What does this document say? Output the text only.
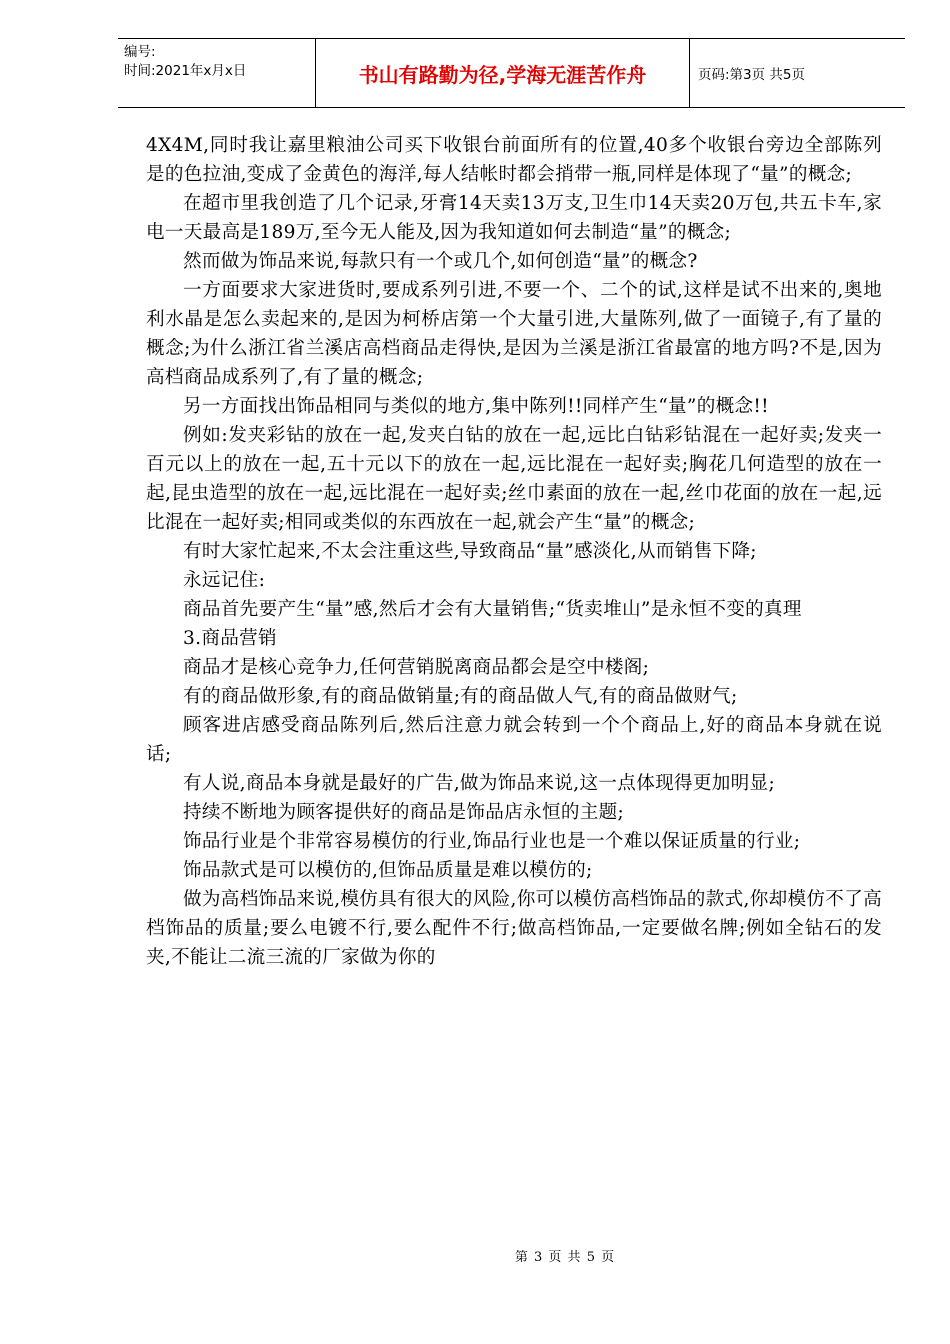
编号:
时间:2021年x月x日	书山有路勤为径,学海无涯苦作舟	页码:第3页 共5页

4X4M,同时我让嘉里粮油公司买下收银台前面所有的位置,40多个收银台旁边全部陈列是的色拉油,变成了金黄色的海洋,每人结帐时都会捎带一瓶,同样是体现了“量”的概念;

在超市里我创造了几个记录,牙膏14天卖13万支,卫生巾14天卖20万包,共五卡车,家电一天最高是189万,至今无人能及,因为我知道如何去制造“量”的概念;

然而做为饰品来说,每款只有一个或几个,如何创造“量”的概念?

一方面要求大家进货时,要成系列引进,不要一个、二个的试,这样是试不出来的,奥地利水晶是怎么卖起来的,是因为柯桥店第一个大量引进,大量陈列,做了一面镜子,有了量的概念;为什么浙江省兰溪店高档商品走得快,是因为兰溪是浙江省最富的地方吗?不是,因为高档商品成系列了,有了量的概念;

另一方面找出饰品相同与类似的地方,集中陈列!!同样产生“量”的概念!!

例如:发夹彩钻的放在一起,发夹白钻的放在一起,远比白钻彩钻混在一起好卖;发夹一百元以上的放在一起,五十元以下的放在一起,远比混在一起好卖;胸花几何造型的放在一起,昆虫造型的放在一起,远比混在一起好卖;丝巾素面的放在一起,丝巾花面的放在一起,远比混在一起好卖;相同或类似的东西放在一起,就会产生“量”的概念;

有时大家忙起来,不太会注重这些,导致商品“量”感淡化,从而销售下降;

永远记住:

商品首先要产生“量”感,然后才会有大量销售;“货卖堆山”是永恒不变的真理

3.商品营销

商品才是核心竞争力,任何营销脱离商品都会是空中楼阁;

有的商品做形象,有的商品做销量;有的商品做人气,有的商品做财气;

顾客进店感受商品陈列后,然后注意力就会转到一个个商品上,好的商品本身就在说话;

有人说,商品本身就是最好的广告,做为饰品来说,这一点体现得更加明显;

持续不断地为顾客提供好的商品是饰品店永恒的主题;

饰品行业是个非常容易模仿的行业,饰品行业也是一个难以保证质量的行业;

饰品款式是可以模仿的,但饰品质量是难以模仿的;

做为高档饰品来说,模仿具有很大的风险,你可以模仿高档饰品的款式,你却模仿不了高档饰品的质量;要么电镀不行,要么配件不行;做高档饰品,一定要做名牌;例如全钻石的发夹,不能让二流三流的厂家做为你的

第 3 页 共 5 页
